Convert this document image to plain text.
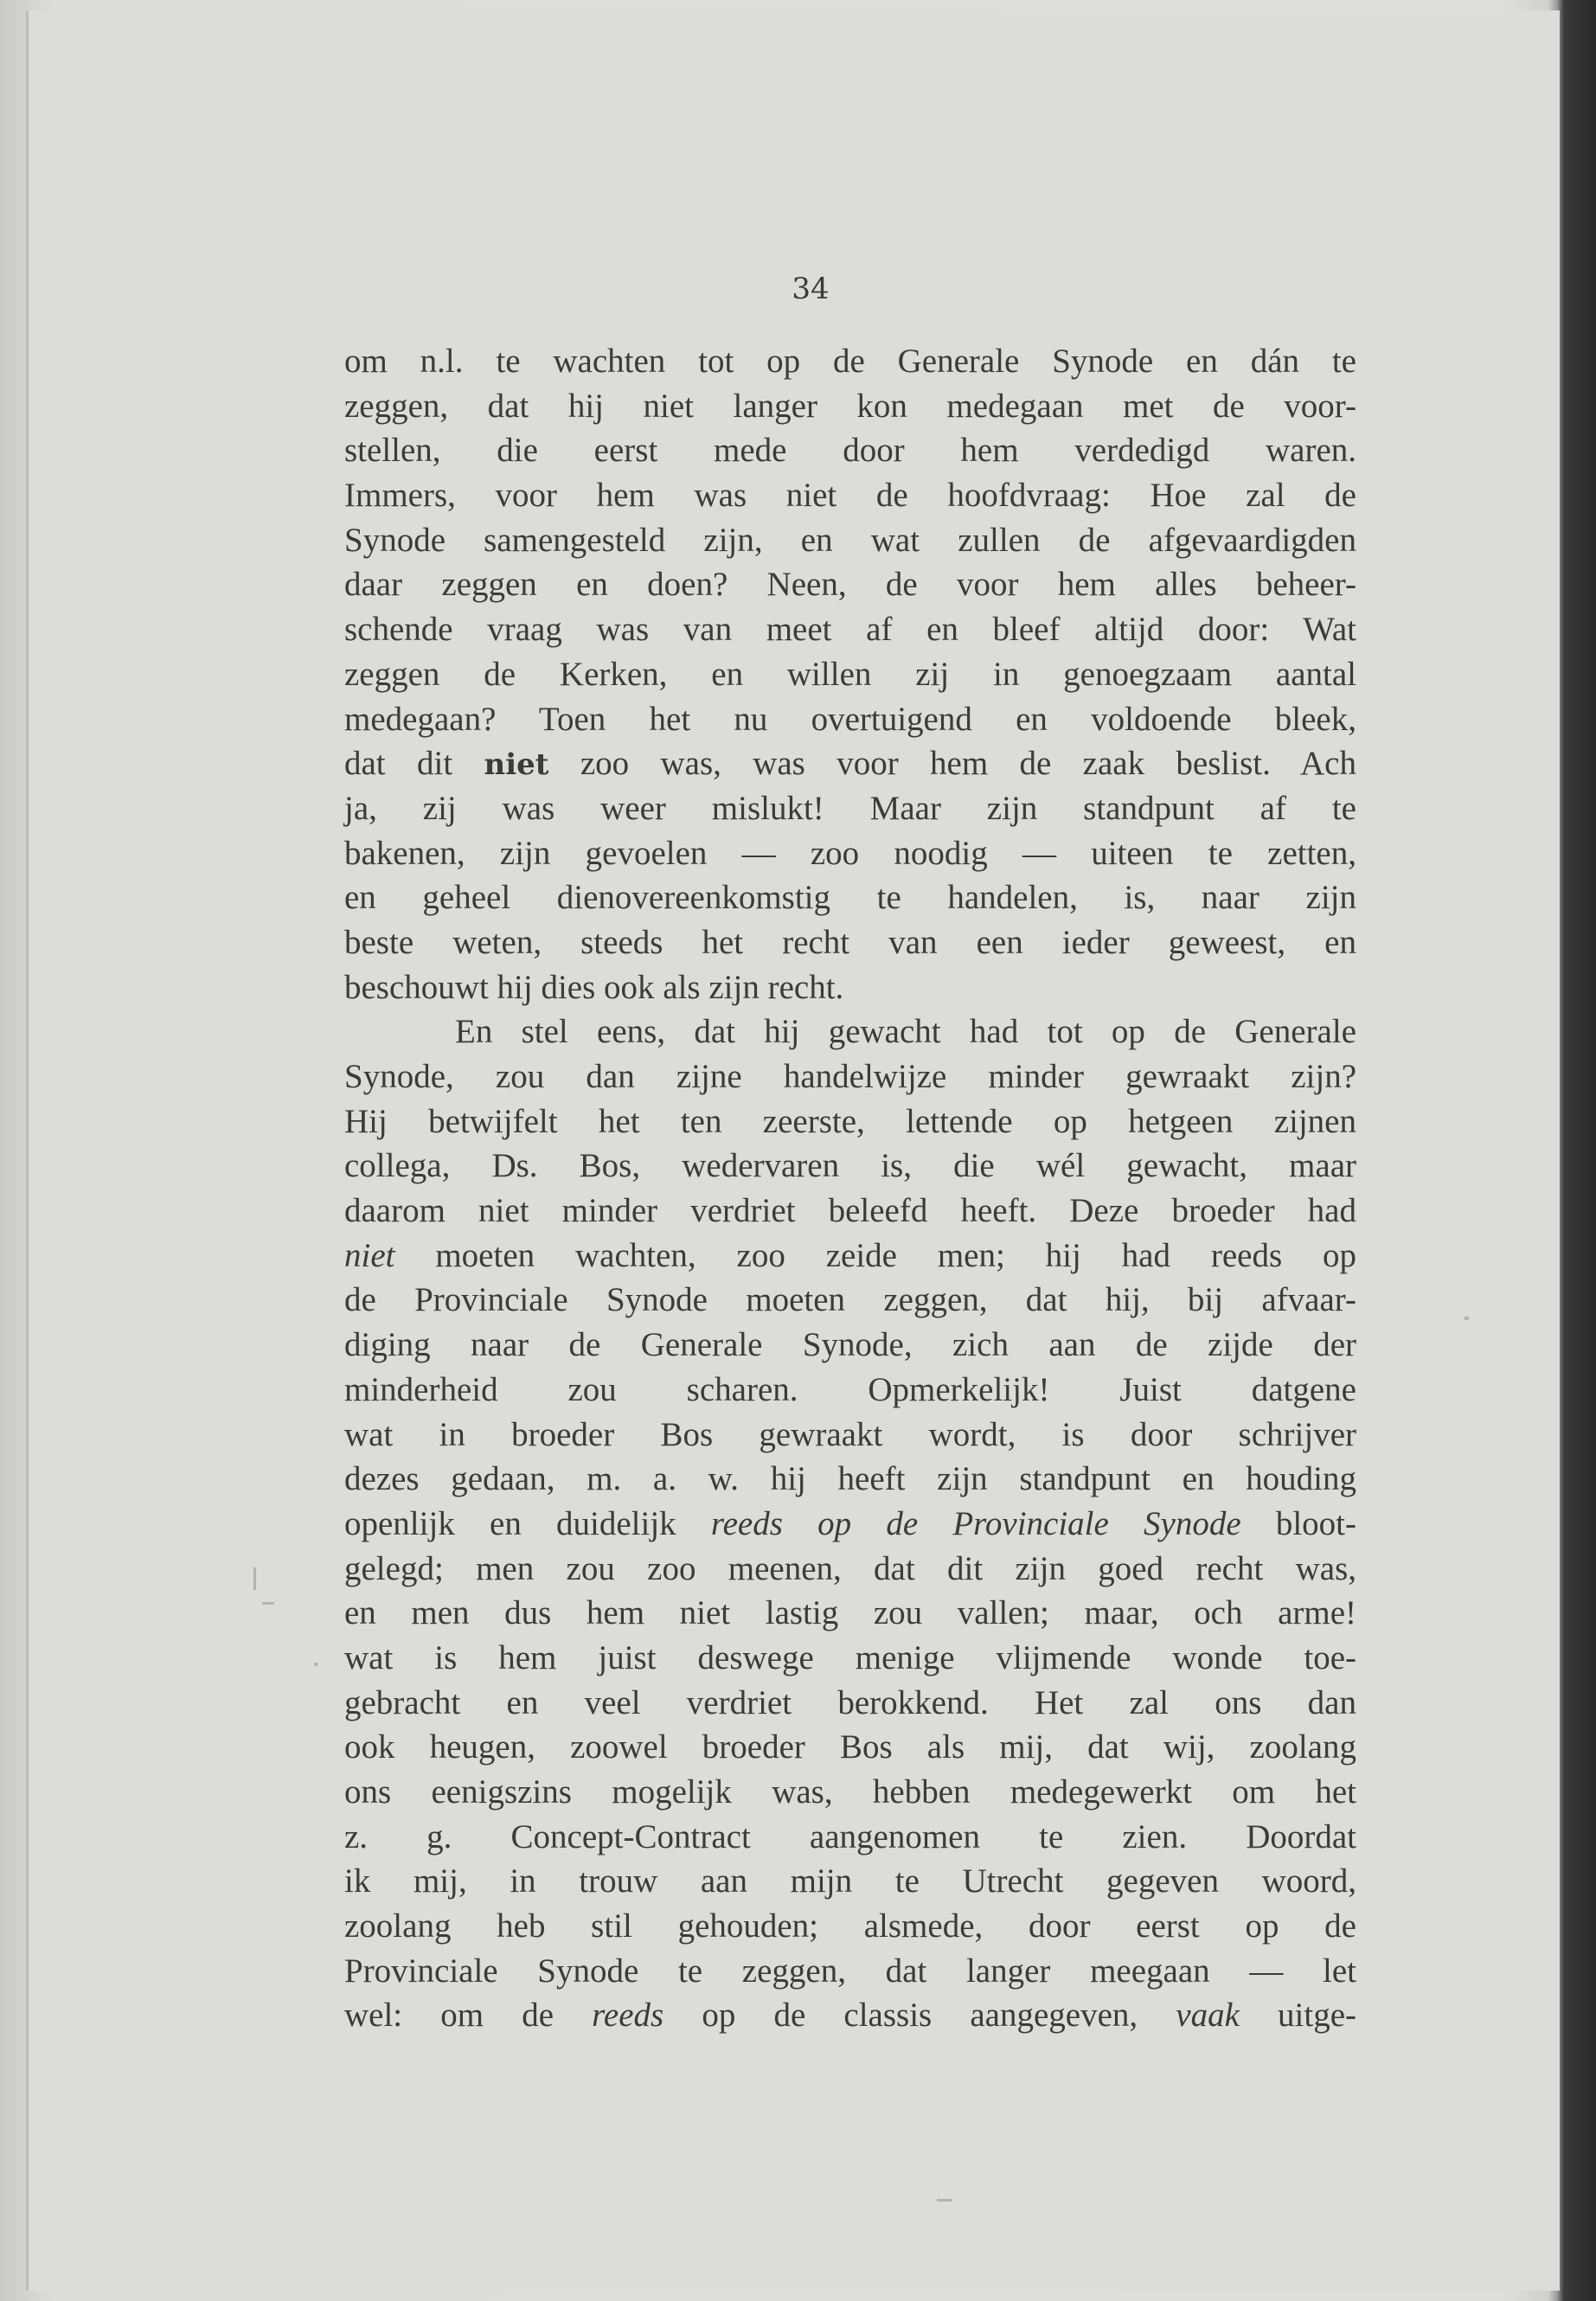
34
om n.l. te wachten tot op de Generale Synode en dán te
zeggen, dat hij niet langer kon medegaan met de voor-
stellen, die eerst mede door hem verdedigd waren.
Immers, voor hem was niet de hoofdvraag: Hoe zal de
Synode samengesteld zijn, en wat zullen de afgevaardigden
daar zeggen en doen? Neen, de voor hem alles beheer-
schende vraag was van meet af en bleef altijd door: Wat
zeggen de Kerken, en willen zij in genoegzaam aantal
medegaan? Toen het nu overtuigend en voldoende bleek,
dat dit niet zoo was, was voor hem de zaak beslist. Ach
ja, zij was weer mislukt! Maar zijn standpunt af te
bakenen, zijn gevoelen — zoo noodig — uiteen te zetten,
en geheel dienovereenkomstig te handelen, is, naar zijn
beste weten, steeds het recht van een ieder geweest, en
beschouwt hij dies ook als zijn recht.
En stel eens, dat hij gewacht had tot op de Generale
Synode, zou dan zijne handelwijze minder gewraakt zijn?
Hij betwijfelt het ten zeerste, lettende op hetgeen zijnen
collega, Ds. Bos, wedervaren is, die wél gewacht, maar
daarom niet minder verdriet beleefd heeft. Deze broeder had
niet moeten wachten, zoo zeide men; hij had reeds op
de Provinciale Synode moeten zeggen, dat hij, bij afvaar-
diging naar de Generale Synode, zich aan de zijde der
minderheid zou scharen. Opmerkelijk! Juist datgene
wat in broeder Bos gewraakt wordt, is door schrijver
dezes gedaan, m. a. w. hij heeft zijn standpunt en houding
openlijk en duidelijk reeds op de Provinciale Synode bloot-
gelegd; men zou zoo meenen, dat dit zijn goed recht was,
en men dus hem niet lastig zou vallen; maar, och arme!
wat is hem juist deswege menige vlijmende wonde toe-
gebracht en veel verdriet berokkend. Het zal ons dan
ook heugen, zoowel broeder Bos als mij, dat wij, zoolang
ons eenigszins mogelijk was, hebben medegewerkt om het
z. g. Concept-Contract aangenomen te zien. Doordat
ik mij, in trouw aan mijn te Utrecht gegeven woord,
zoolang heb stil gehouden; alsmede, door eerst op de
Provinciale Synode te zeggen, dat langer meegaan — let
wel: om de reeds op de classis aangegeven, vaak uitge-
